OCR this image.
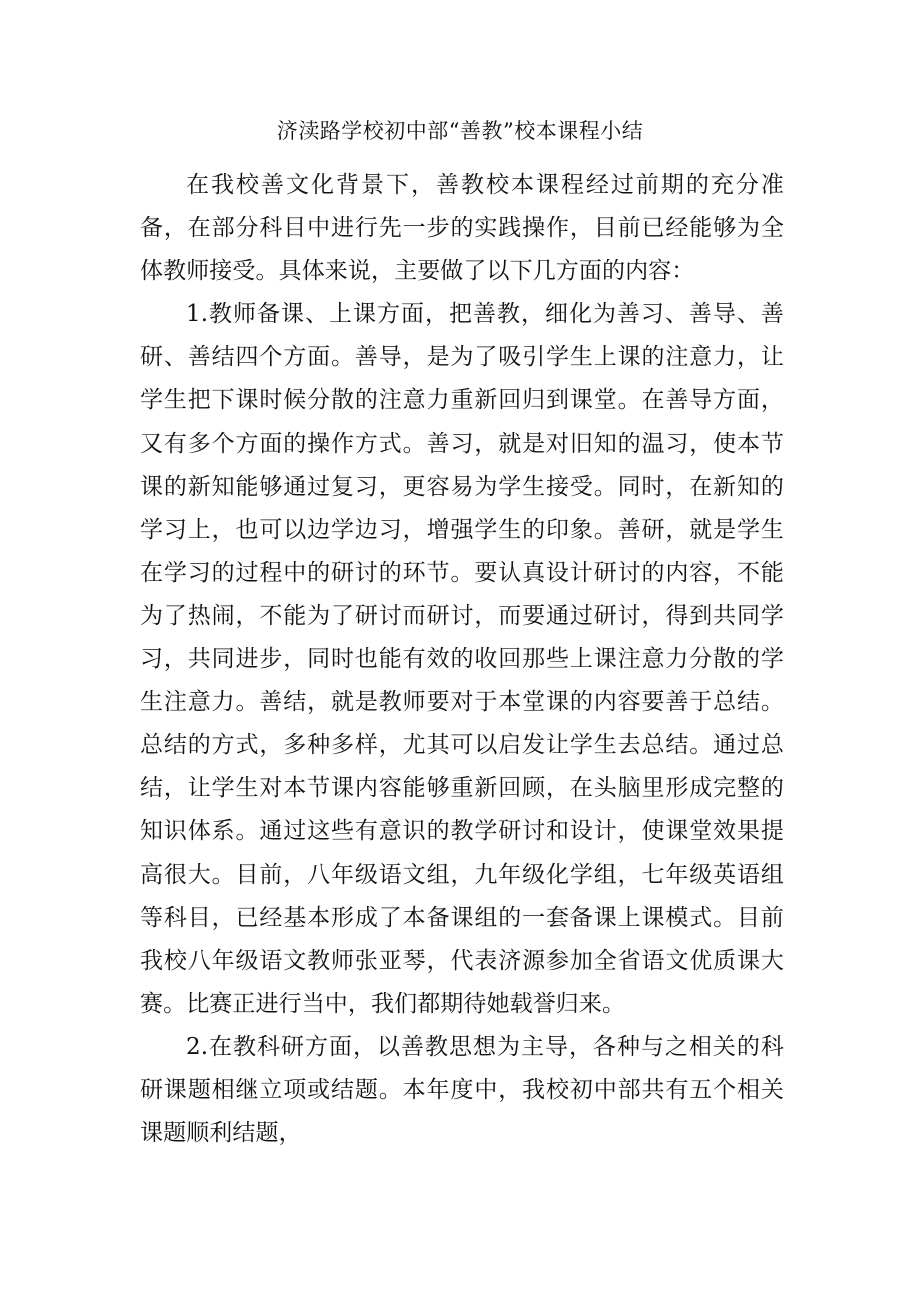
济渎路学校初中部“善教”校本课程小结

在我校善文化背景下，善教校本课程经过前期的充分准备，在部分科目中进行先一步的实践操作，目前已经能够为全体教师接受。具体来说，主要做了以下几方面的内容：

1.教师备课、上课方面，把善教，细化为善习、善导、善研、善结四个方面。善导，是为了吸引学生上课的注意力，让学生把下课时候分散的注意力重新回归到课堂。在善导方面，又有多个方面的操作方式。善习，就是对旧知的温习，使本节课的新知能够通过复习，更容易为学生接受。同时，在新知的学习上，也可以边学边习，增强学生的印象。善研，就是学生在学习的过程中的研讨的环节。要认真设计研讨的内容，不能为了热闹，不能为了研讨而研讨，而要通过研讨，得到共同学习，共同进步，同时也能有效的收回那些上课注意力分散的学生注意力。善结，就是教师要对于本堂课的内容要善于总结。总结的方式，多种多样，尤其可以启发让学生去总结。通过总结，让学生对本节课内容能够重新回顾，在头脑里形成完整的知识体系。通过这些有意识的教学研讨和设计，使课堂效果提高很大。目前，八年级语文组，九年级化学组，七年级英语组等科目，已经基本形成了本备课组的一套备课上课模式。目前我校八年级语文教师张亚琴，代表济源参加全省语文优质课大赛。比赛正进行当中，我们都期待她载誉归来。

2.在教科研方面，以善教思想为主导，各种与之相关的科研课题相继立项或结题。本年度中，我校初中部共有五个相关课题顺利结题，
